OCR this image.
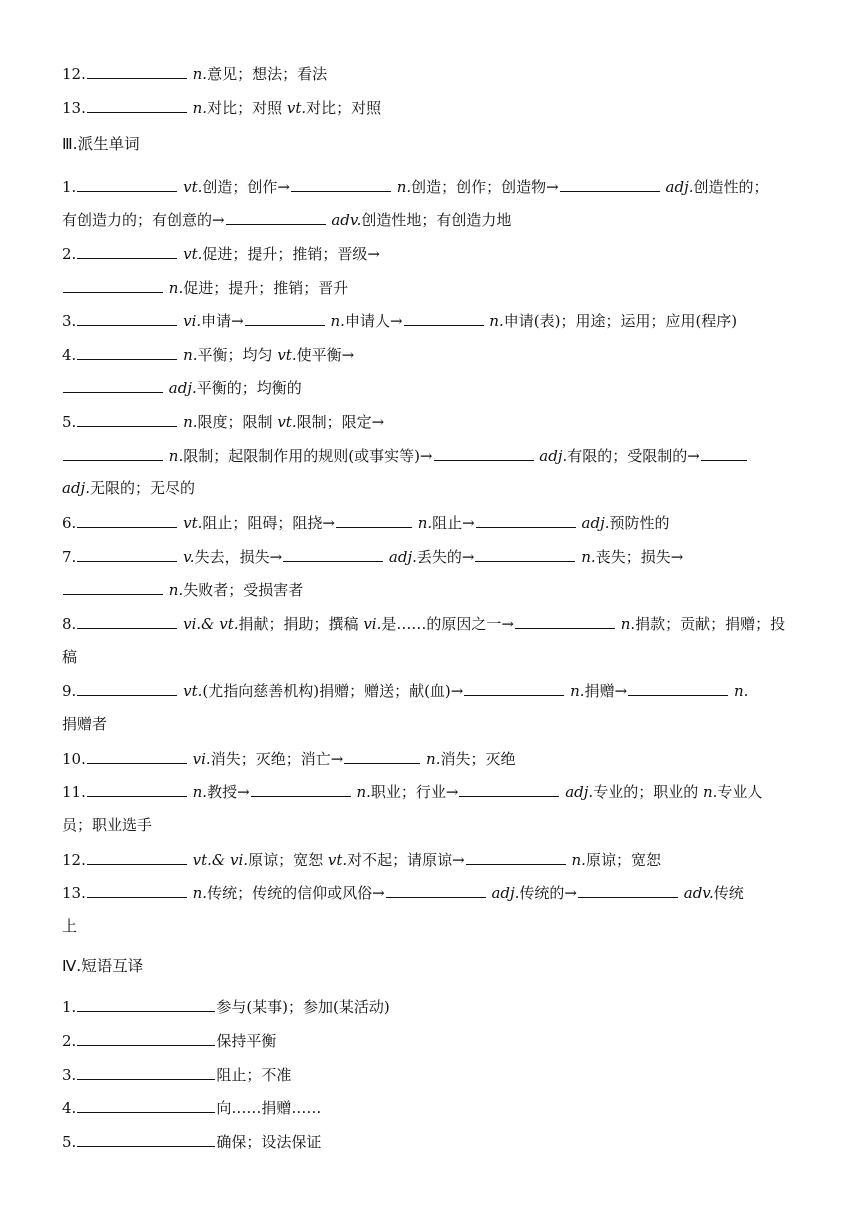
12.	n.意见；想法；看法
13.	n.对比；对照 vt.对比；对照
Ⅲ.派生单词
1.	vt.创造；创作→	n.创造；创作；创造物→	adj.创造性的；
有创造力的；有创意的→	adv.创造性地；有创造力地
2.	vt.促进；提升；推销；晋级→
n.促进；提升；推销；晋升
3.	vi.申请→	n.申请人→	n.申请(表)；用途；运用；应用(程序)
4.	n.平衡；均匀 vt.使平衡→
adj.平衡的；均衡的
5.	n.限度；限制 vt.限制；限定→
n.限制；起限制作用的规则(或事实等)→	adj.有限的；受限制的→
adj.无限的；无尽的
6.	vt.阻止；阻碍；阻挠→	n.阻止→	adj.预防性的
7.	v.失去，损失→	adj.丢失的→	n.丧失；损失→
n.失败者；受损害者
8.	vi.& vt.捐献；捐助；撰稿 vi.是……的原因之一→	n.捐款；贡献；捐赠；投
稿
9.	vt.(尤指向慈善机构)捐赠；赠送；献(血)→	n.捐赠→	n.
捐赠者
10.	vi.消失；灭绝；消亡→	n.消失；灭绝
11.	n.教授→	n.职业；行业→	adj.专业的；职业的 n.专业人
员；职业选手
12.	vt.& vi.原谅；宽恕 vt.对不起；请原谅→	n.原谅；宽恕
13.	n.传统；传统的信仰或风俗→	adj.传统的→	adv.传统
上
Ⅳ.短语互译
1.	参与(某事)；参加(某活动)
2.	保持平衡
3.	阻止；不准
4.	向……捐赠……
5.	确保；设法保证
